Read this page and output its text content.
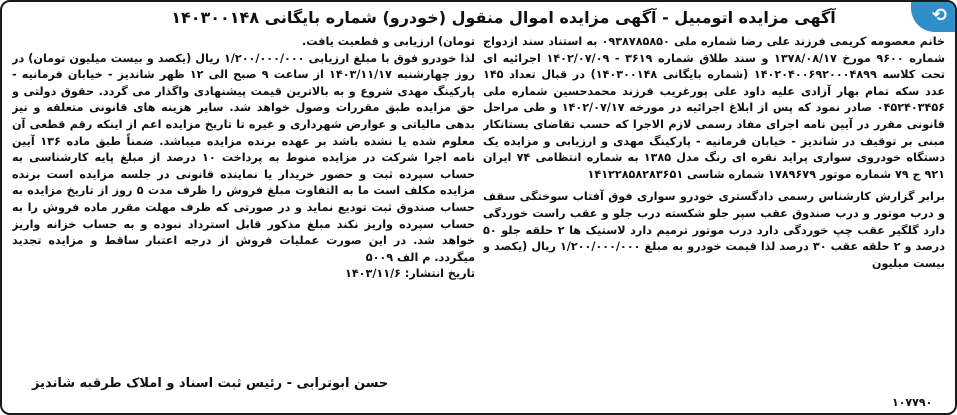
آگهی مزایده اتومبیل - آگهی مزایده اموال منقول (خودرو) شماره بایگانی ۱۴۰۳۰۰۱۴۸	⟲

خانم معصومه کریمی فرزند علی رضا شماره ملی ۰۹۳۸۷۸۵۸۵۰ به استناد سند ازدواج شماره ۹۶۰۰ مورخ ۱۳۷۸/۰۸/۱۷ و سند طلاق شماره ۳۶۱۹ - ۱۴۰۲/۰۷/۰۹ اجرائیه ای تحت کلاسه ۱۴۰۲۰۴۰۰۶۹۲۰۰۰۴۸۹۹ (شماره بایگانی ۱۴۰۳۰۰۱۴۸) در قبال تعداد ۱۴۵ عدد سکه تمام بهار آزادی علیه داود علی پورغریب فرزند محمدحسین شماره ملی ۰۴۵۲۴۰۳۴۵۶ صادر نمود که پس از ابلاغ اجرائیه در مورخه ۱۴۰۲/۰۷/۱۷ و طی مراحل قانونی مقرر در آیین نامه اجرای مفاد رسمی لازم الاجرا که حسب تقاضای بستانکار مبنی بر توقیف در شاندیز - خیابان فرمانیه - پارکینگ مهدی و ارزیابی و مزایده یک دستگاه خودروی سواری پراید نقره ای رنگ مدل ۱۳۸۵ به شماره انتظامی ۷۴ ایران ۹۲۱ ج ۷۹ شماره موتور ۱۷۸۹۶۷۹ شماره شاسی ۱۴۱۲۲۸۵۸۲۸۳۶۵۱

برابر گزارش کارشناس رسمی دادگستری خودرو سواری فوق آفتاب سوختگی سقف و درب موتور و درب صندوق عقب سپر جلو شکسته درب جلو و عقب راست خوردگی دارد گلگیر عقب چپ خوردگی دارد درب موتور ترمیم دارد لاستیک ها ۲ حلقه جلو ۵۰ درصد و ۲ حلقه عقب ۳۰ درصد لذا قیمت خودرو به مبلغ ۱/۲۰۰/۰۰۰/۰۰۰ ریال (یکصد و بیست میلیون

تومان) ارزیابی و قطعیت یافت.

لذا خودرو فوق با مبلغ ارزیابی ۱/۲۰۰/۰۰۰/۰۰۰ ریال (یکصد و بیست میلیون تومان) در روز چهارشنبه ۱۴۰۳/۱۱/۱۷ از ساعت ۹ صبح الی ۱۲ ظهر شاندیز - خیابان فرمانیه - پارکینگ مهدی شروع و به بالاترین قیمت پیشنهادی واگذار می گردد. حقوق دولتی و حق مزایده طبق مقررات وصول خواهد شد. سایر هزینه های قانونی متعلقه و نیز بدهی مالیاتی و عوارض شهرداری و غیره تا تاریخ مزایده اعم از اینکه رقم قطعی آن معلوم شده یا نشده باشد بر عهده برنده مزایده میباشد. ضمناً طبق ماده ۱۳۶ آیین نامه اجرا شرکت در مزایده منوط به پرداخت ۱۰ درصد از مبلغ پایه کارشناسی به حساب سپرده ثبت و حضور خریدار یا نماینده قانونی در جلسه مزایده است برنده مزایده مکلف است ما به التفاوت مبلغ فروش را ظرف مدت ۵ روز از تاریخ مزایده به حساب صندوق ثبت تودیع نماید و در صورتی که ظرف مهلت مقرر ماده فروش را به حساب سپرده واریز نکند مبلغ مذکور قابل استرداد نبوده و به حساب خزانه واریز خواهد شد. در این صورت عملیات فروش از درجه اعتبار ساقط و مزایده تجدید میگردد. م الف ۵۰۰۹

تاریخ انتشار: ۱۴۰۳/۱۱/۶

حسن ابوترابی - رئیس ثبت اسناد و املاک طرقبه شاندیز
۱۰۷۷۹۰
